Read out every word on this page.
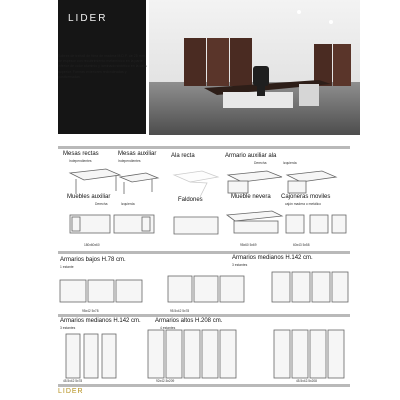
LIDER
Sobres de treball de fibra de madera M.D.F. de 25 mm. de espesor con recubrimiento melamínico en la parte inferior de color aluminio y laminado sintético en la cara superior. Formas exteriores redondeadas y postformadas.
Mesas rectas
Independientes
Mesas auxiliar
Independientes
Ala recta	Armario auxiliar ala
Derecha	Izquierda
Muebles auxiliar
Derecha	Izquierda
Faldones	Mueble nevera Cajoneras moviles
cajón madera o metálico
180x60x60	95x60 5x69	60x43 5x58
Armarios bajos H.78 cm.
1 estante
Armarios medianos H.142 cm.
3 estantes
95x42 5x78	95.5x42 5x78
Armarios medianos H.142 cm.
3 estantes
Armarios altos H.208 cm.
4 estantes
45.5x42 5x78	92x42.5x209	45.5x42.5x208
LIDER
